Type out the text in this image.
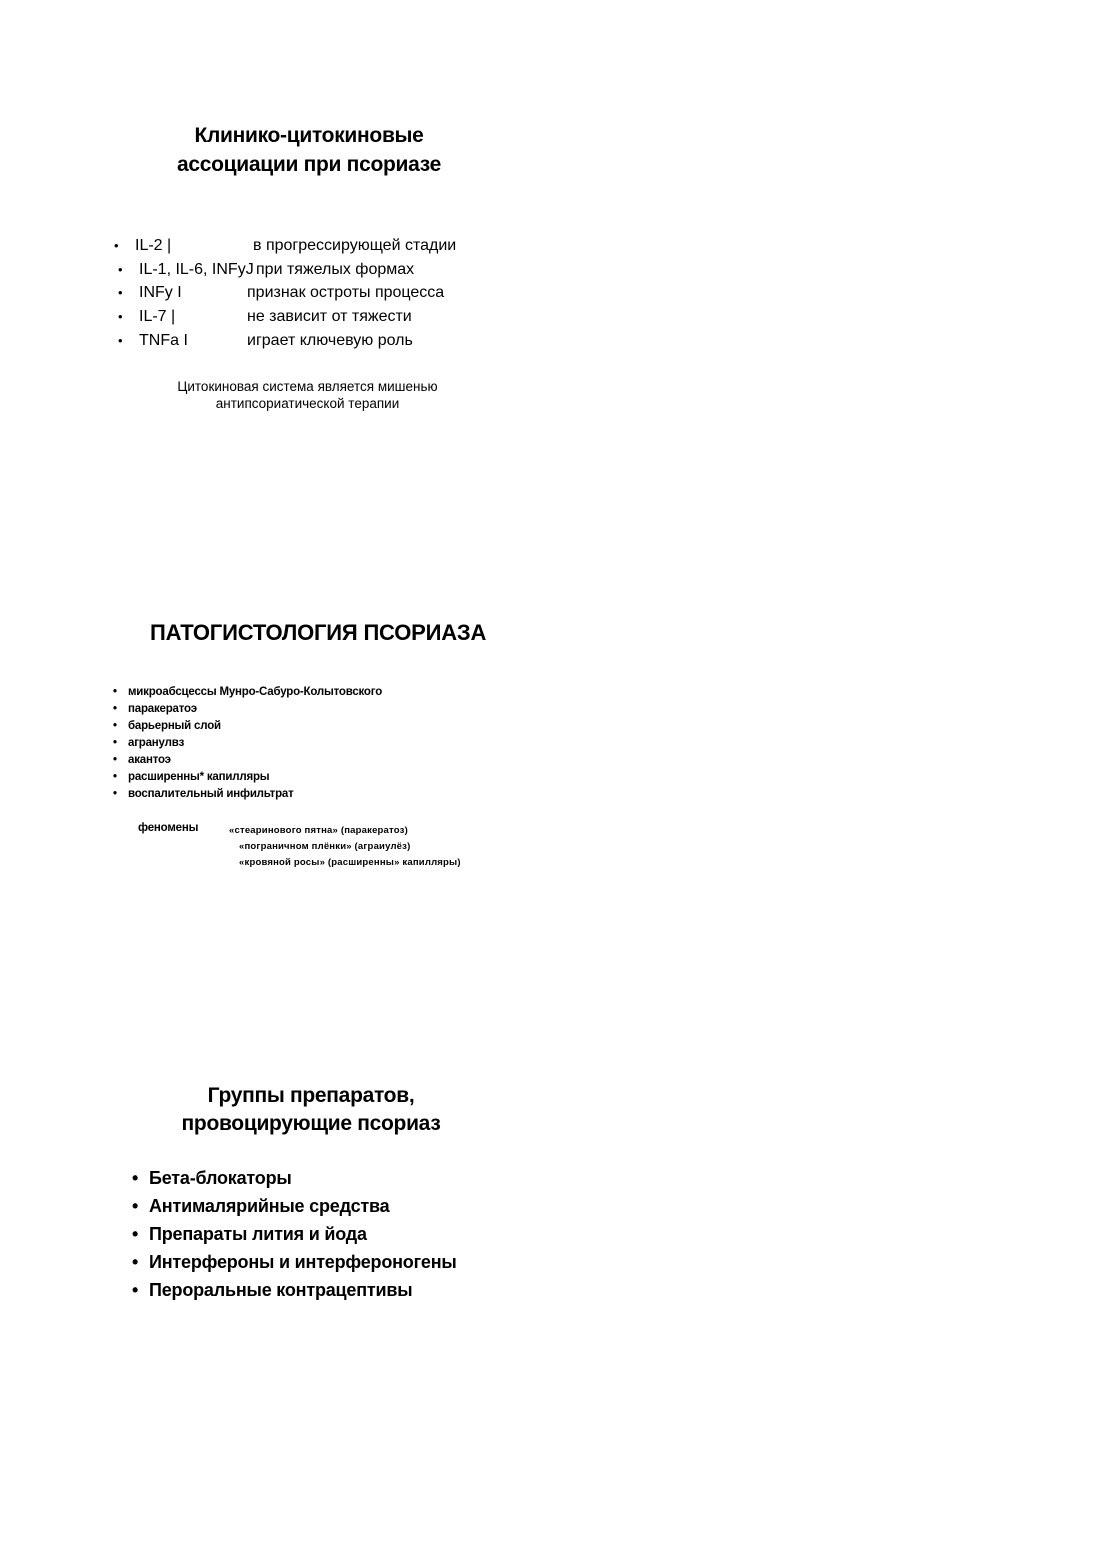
Клинико-цитокиновые
ассоциации при псориазе
• IL-2 |	в прогрессирующей стадии
• IL-1, IL-6, INFyJ при тяжелых формах
• INFy I	признак остроты процесса
• IL-7 |	не зависит от тяжести
• TNFa I	играет ключевую роль
Цитокиновая система является мишенью
антипсориатической терапии
ПАТОГИСТОЛОГИЯ ПСОРИАЗА
• микроабсцессы Мунро-Сабуро-Колытовского
• паракератоэ
• барьерный слой
• агранулвз
• акантоэ
• расширенны* капилляры
• воспалительный инфильтрат
феномены	«стеаринового пятна» (паракератоз)
«пограничном плёнки» (аграиулёз)
«кровяной росы» (расширенны» капилляры)
Группы препаратов,
провоцирующие псориаз
• Бета-блокаторы
• Антималярийные средства
• Препараты лития и йода
• Интерфероны и интерфероногены
• Пероральные контрацептивы
